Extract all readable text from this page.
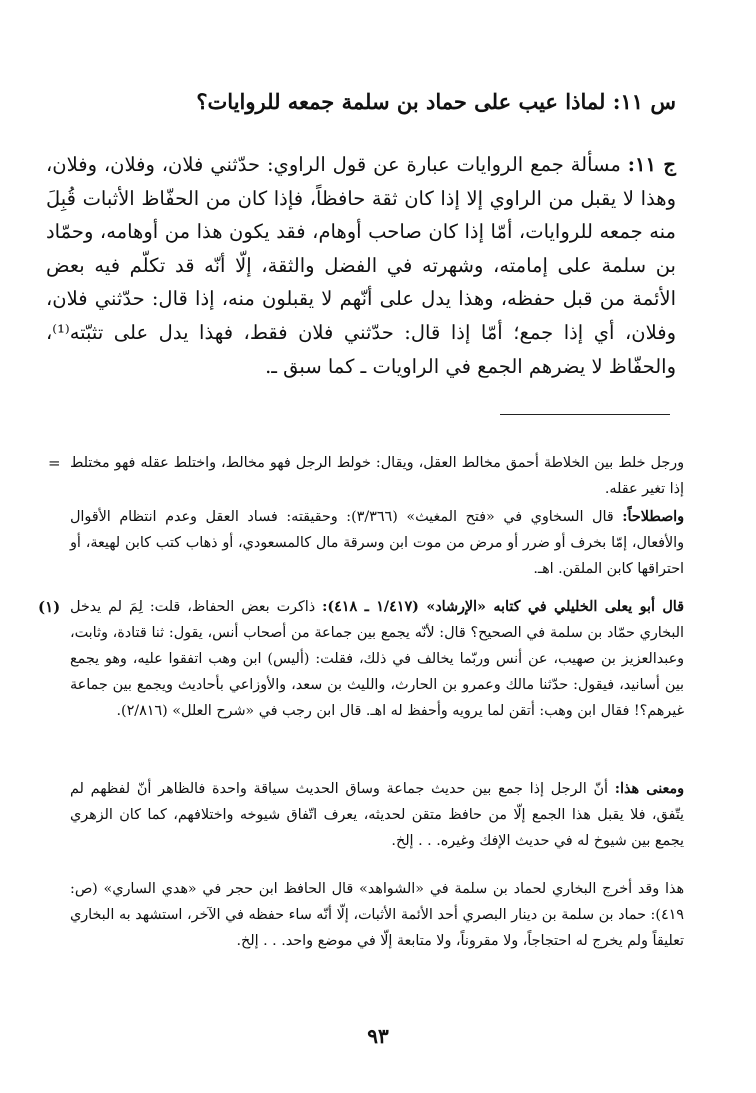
س ١١: لماذا عيب على حماد بن سلمة جمعه للروايات؟
ج ١١: مسألة جمع الروايات عبارة عن قول الراوي: حدّثني فلان، وفلان، وفلان، وهذا لا يقبل من الراوي إلا إذا كان ثقة حافظاً، فإذا كان من الحفّاظ الأثبات قُبِلَ منه جمعه للروايات، أمّا إذا كان صاحب أوهام، فقد يكون هذا من أوهامه، وحمّاد بن سلمة على إمامته، وشهرته في الفضل والثقة، إلّا أنّه قد تكلّم فيه بعض الأئمة من قبل حفظه، وهذا يدل على أنّهم لا يقبلون منه، إذا قال: حدّثني فلان، وفلان، أي إذا جمع؛ أمّا إذا قال: حدّثني فلان فقط، فهذا يدل على تثبّته⁽¹⁾، والحفّاظ لا يضرهم الجمع في الراويات ـ كما سبق ـ.
= ورجل خلط بين الخلاطة أحمق مخالط العقل، ويقال: خولط الرجل فهو مخالط، واختلط عقله فهو مختلط إذا تغير عقله.
واصطلاحاً: قال السخاوي في «فتح المغيث» (٣/٣٦٦): وحقيقته: فساد العقل وعدم انتظام الأقوال والأفعال، إمّا بخرف أو ضرر أو مرض من موت ابن وسرقة مال كالمسعودي، أو ذهاب كتب كابن لهيعة، أو احتراقها كابن الملقن. اهـ.
(١)	قال أبو يعلى الخليلي في كتابه «الإرشاد» (١/٤١٧ ـ ٤١٨): ذاكرت بعض الحفاظ، قلت: لِمَ لم يدخل البخاري حمّاد بن سلمة في الصحيح؟ قال: لأنّه يجمع بين جماعة من أصحاب أنس، يقول: ثنا قتادة، وثابت، وعبدالعزيز بن صهيب، عن أنس وربّما يخالف في ذلك، فقلت: (أليس) ابن وهب اتفقوا عليه، وهو يجمع بين أسانيد، فيقول: حدّثنا مالك وعمرو بن الحارث، والليث بن سعد، والأوزاعي بأحاديث ويجمع بين جماعة غيرهم؟! فقال ابن وهب: أتقن لما يرويه وأحفظ له اهـ. قال ابن رجب في «شرح العلل» (٢/٨١٦).
ومعنى هذا: أنّ الرجل إذا جمع بين حديث جماعة وساق الحديث سياقة واحدة فالظاهر أنّ لفظهم لم يتّفق، فلا يقبل هذا الجمع إلّا من حافظ متقن لحديثه، يعرف اتّفاق شيوخه واختلافهم، كما كان الزهري يجمع بين شيوخ له في حديث الإفك وغيره. . . إلخ.
هذا وقد أخرج البخاري لحماد بن سلمة في «الشواهد» قال الحافظ ابن حجر في «هدي الساري» (ص: ٤١٩): حماد بن سلمة بن دينار البصري أحد الأئمة الأثبات، إلّا أنّه ساء حفظه في الآخر، استشهد به البخاري تعليقاً ولم يخرج له احتجاجاً، ولا مقروناً، ولا متابعة إلّا في موضع واحد. . . إلخ.
٩٣
